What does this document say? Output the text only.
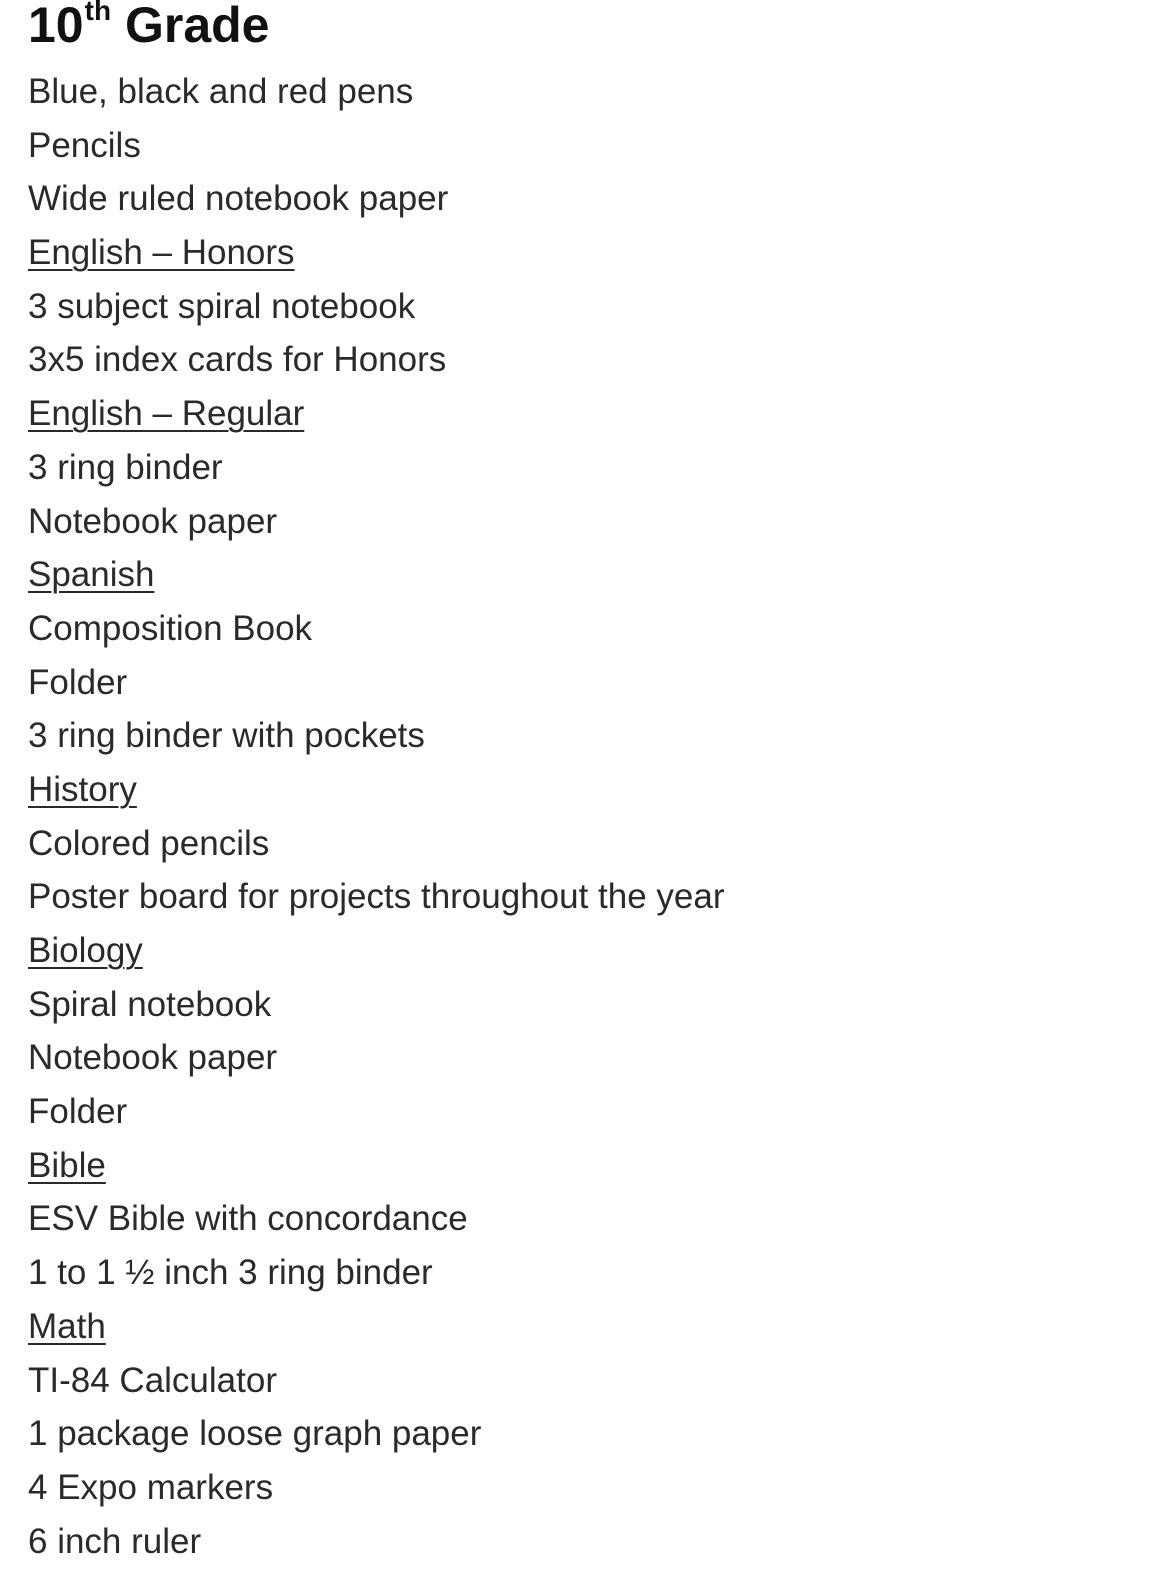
10th Grade
Blue, black and red pens
Pencils
Wide ruled notebook paper
English – Honors
3 subject spiral notebook
3x5 index cards for Honors
English – Regular
3 ring binder
Notebook paper
Spanish
Composition Book
Folder
3 ring binder with pockets
History
Colored pencils
Poster board for projects throughout the year
Biology
Spiral notebook
Notebook paper
Folder
Bible
ESV Bible with concordance
1 to 1 ½ inch 3 ring binder
Math
TI-84 Calculator
1 package loose graph paper
4 Expo markers
6 inch ruler
